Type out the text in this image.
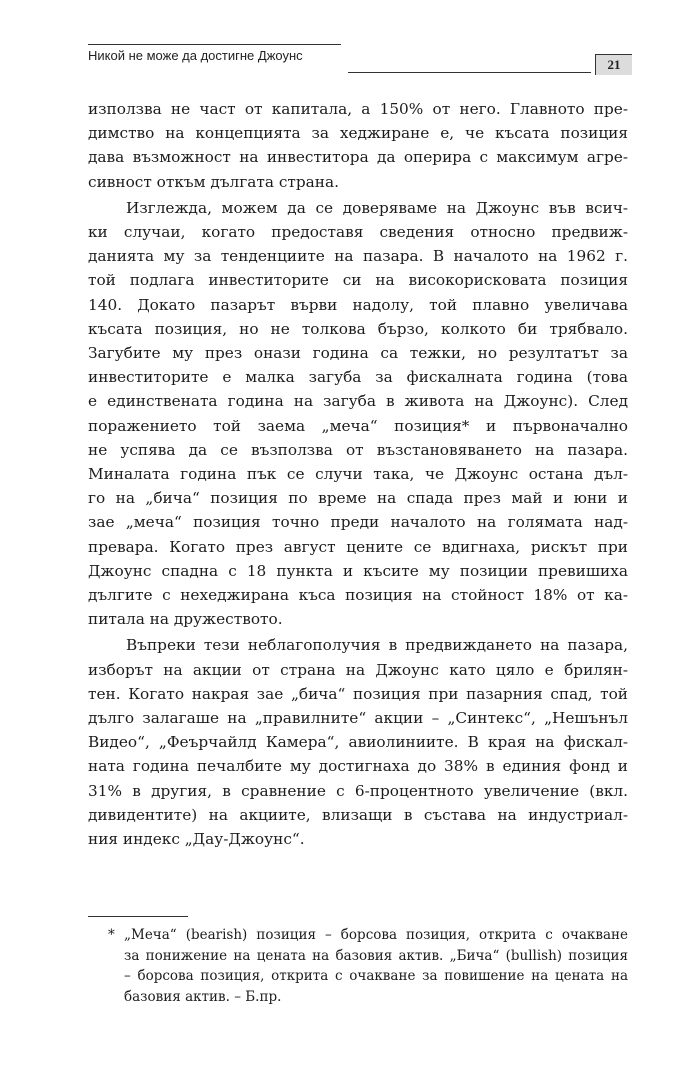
Никой не може да достигне Джоунс
21

използва не част от капитала, а 150% от него. Главното пре-
димство на концепцията за хеджиране е, че късата позиция
дава възможност на инвеститора да оперира с максимум агре-
сивност откъм дългата страна.

Изглежда, можем да се доверяваме на Джоунс във всич-
ки случаи, когато предоставя сведения относно предвиж-
данията му за тенденциите на пазара. В началото на 1962 г.
той подлага инвеститорите си на високорисковата позиция
140. Докато пазарът върви надолу, той плавно увеличава
късата позиция, но не толкова бързо, колкото би трябвало.
Загубите му през онази година са тежки, но резултатът за
инвеститорите е малка загуба за фискалната година (това
е единствената година на загуба в живота на Джоунс). След
поражението той заема „меча“ позиция* и първоначално
не успява да се възползва от възстановяването на пазара.
Миналата година пък се случи така, че Джоунс остана дъл-
го на „бича“ позиция по време на спада през май и юни и
зае „меча“ позиция точно преди началото на голямата над-
превара. Когато през август цените се вдигнаха, рискът при
Джоунс спадна с 18 пункта и късите му позиции превишиха
дългите с нехеджирана къса позиция на стойност 18% от ка-
питала на дружеството.

Въпреки тези неблагополучия в предвиждането на пазара,
изборът на акции от страна на Джоунс като цяло е брилян-
тен. Когато накрая зае „бича“ позиция при пазарния спад, той
дълго залагаше на „правилните“ акции – „Синтекс“, „Нешънъл
Видео“, „Феърчайлд Камера“, авиолиниите. В края на фискал-
ната година печалбите му достигнаха до 38% в единия фонд и
31% в другия, в сравнение с 6-процентното увеличение (вкл.
дивидентите) на акциите, влизащи в състава на индустриал-
ния индекс „Дау-Джоунс“.

* „Меча“ (bearish) позиция – борсова позиция, открита с очакване
за понижение на цената на базовия актив. „Бича“ (bullish) позиция
– борсова позиция, открита с очакване за повишение на цената на
базовия актив. – Б.пр.
